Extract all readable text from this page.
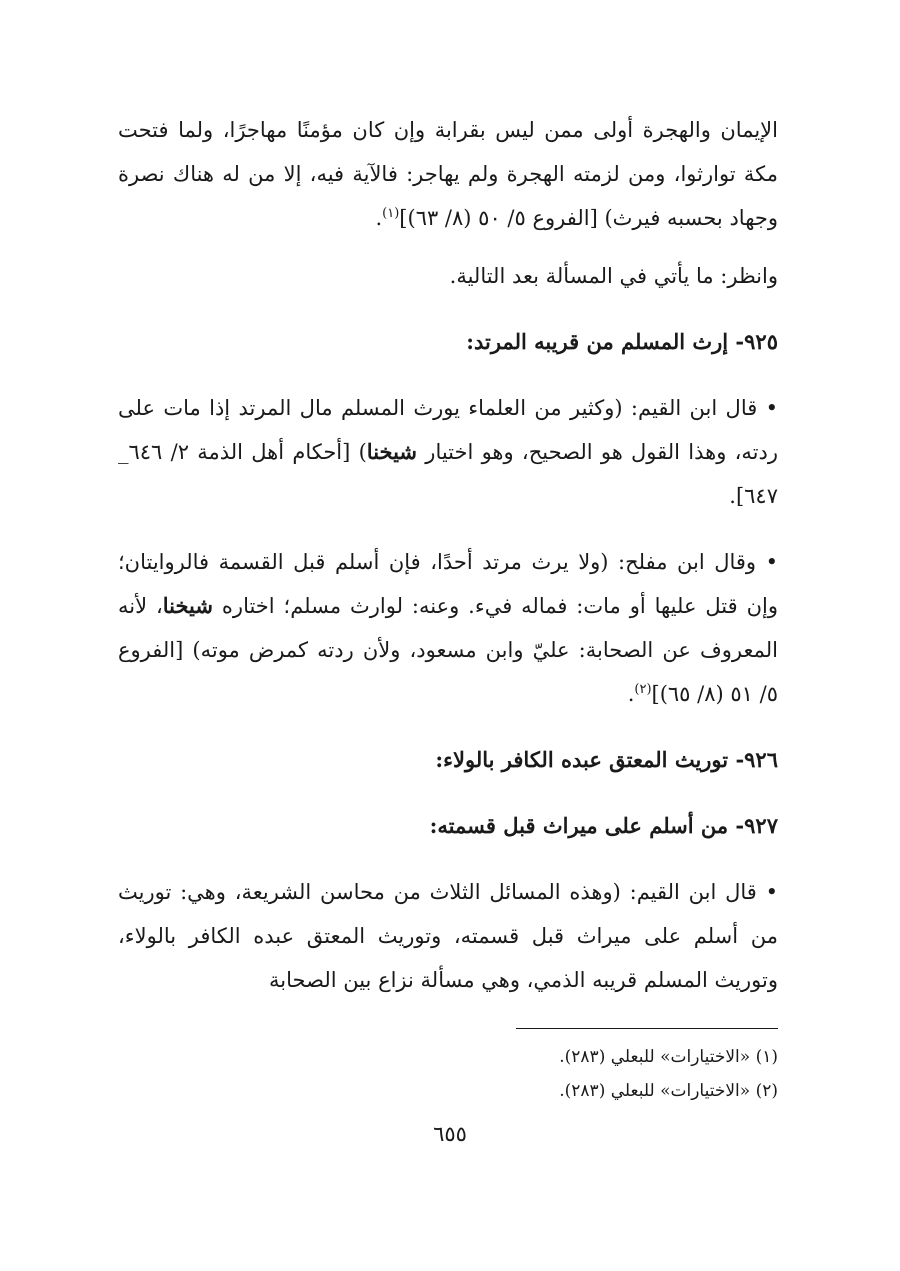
الإيمان والهجرة أولى ممن ليس بقرابة وإن كان مؤمنًا مهاجرًا، ولما فتحت مكة توارثوا، ومن لزمته الهجرة ولم يهاجر: فالآية فيه، إلا من له هناك نصرة وجهاد بحسبه فيرث) [الفروع ٥/ ٥٠ (٨/ ٦٣)]$^{(١)}$.

وانظر: ما يأتي في المسألة بعد التالية.

٩٢٥- إرث المسلم من قريبه المرتد:

• قال ابن القيم: (وكثير من العلماء يورث المسلم مال المرتد إذا مات على ردته، وهذا القول هو الصحيح، وهو اختيار شيخنا) [أحكام أهل الذمة ٢/ ٦٤٦_ ٦٤٧].

• وقال ابن مفلح: (ولا يرث مرتد أحدًا، فإن أسلم قبل القسمة فالروايتان؛ وإن قتل عليها أو مات: فماله فيء. وعنه: لوارث مسلم؛ اختاره شيخنا، لأنه المعروف عن الصحابة: عليّ وابن مسعود، ولأن ردته كمرض موته) [الفروع ٥/ ٥١ (٨/ ٦٥)]$^{(٢)}$.

٩٢٦- توريث المعتق عبده الكافر بالولاء:

٩٢٧- من أسلم على ميراث قبل قسمته:

• قال ابن القيم: (وهذه المسائل الثلاث من محاسن الشريعة، وهي: توريث من أسلم على ميراث قبل قسمته، وتوريث المعتق عبده الكافر بالولاء، وتوريث المسلم قريبه الذمي، وهي مسألة نزاع بين الصحابة

(١) «الاختيارات» للبعلي (٢٨٣).

(٢) «الاختيارات» للبعلي (٢٨٣).

٦٥٥
